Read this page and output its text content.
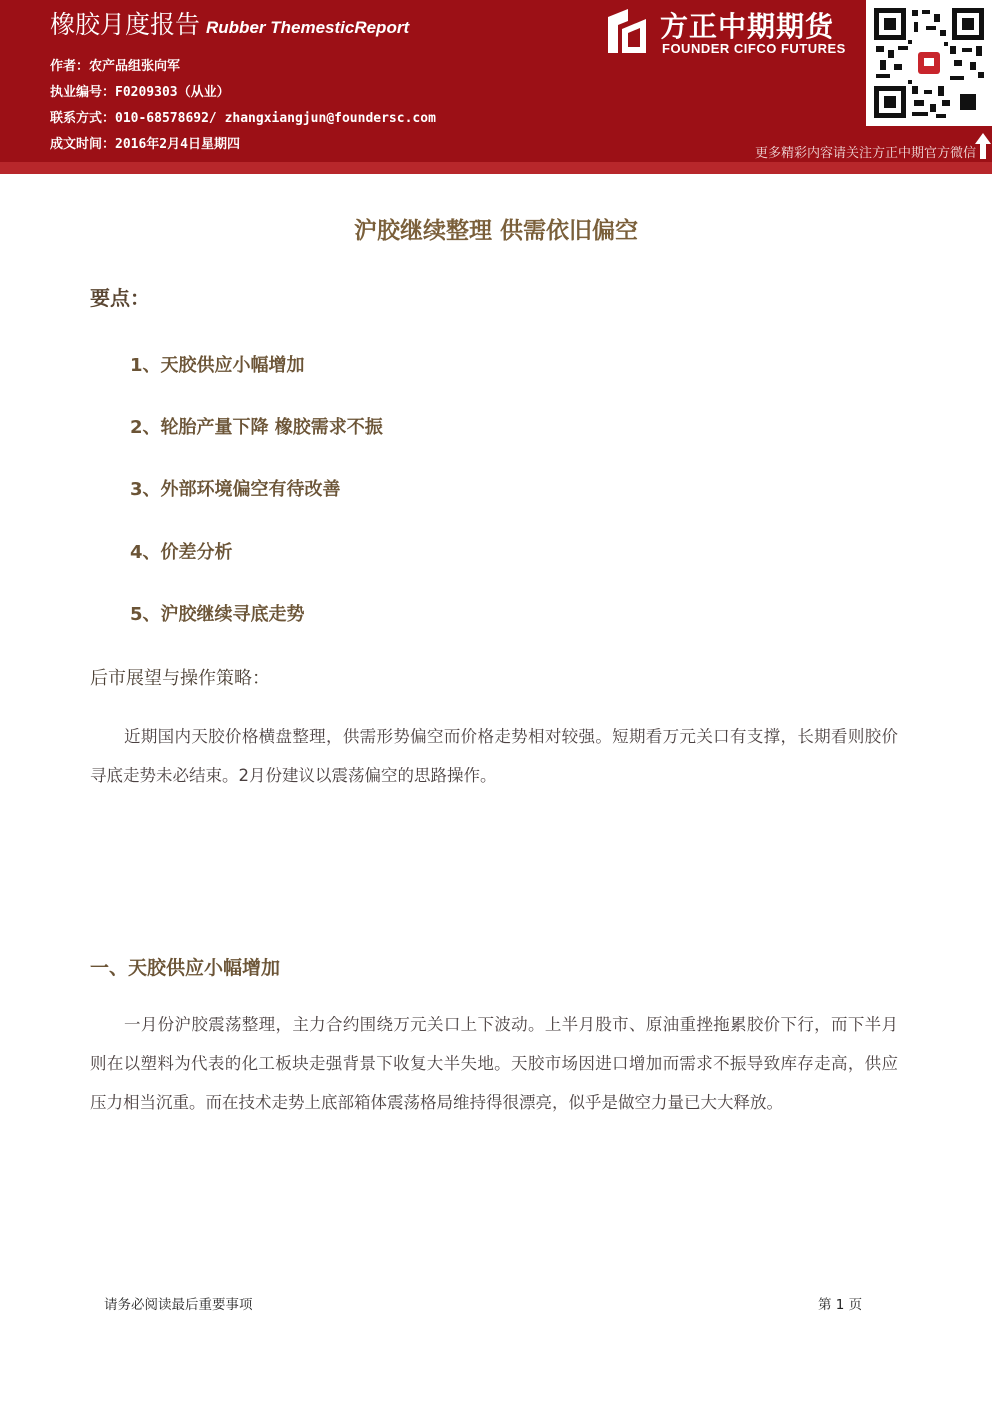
橡胶月度报告 Rubber ThemesticReport
作者：农产品组张向军
执业编号：F0209303（从业）
联系方式：010-68578692/ zhangxiangjun@foundersc.com
成文时间：2016年2月4日星期四
方正中期期货
FOUNDER CIFCO FUTURES
更多精彩内容请关注方正中期官方微信
沪胶继续整理 供需依旧偏空
要点：
1、天胶供应小幅增加
2、轮胎产量下降 橡胶需求不振
3、外部环境偏空有待改善
4、价差分析
5、沪胶继续寻底走势
后市展望与操作策略：
近期国内天胶价格横盘整理，供需形势偏空而价格走势相对较强。短期看万元关口有支撑，长期看则胶价寻底走势未必结束。2月份建议以震荡偏空的思路操作。
一、天胶供应小幅增加
一月份沪胶震荡整理，主力合约围绕万元关口上下波动。上半月股市、原油重挫拖累胶价下行，而下半月则在以塑料为代表的化工板块走强背景下收复大半失地。天胶市场因进口增加而需求不振导致库存走高，供应压力相当沉重。而在技术走势上底部箱体震荡格局维持得很漂亮，似乎是做空力量已大大释放。
请务必阅读最后重要事项	第 1 页
